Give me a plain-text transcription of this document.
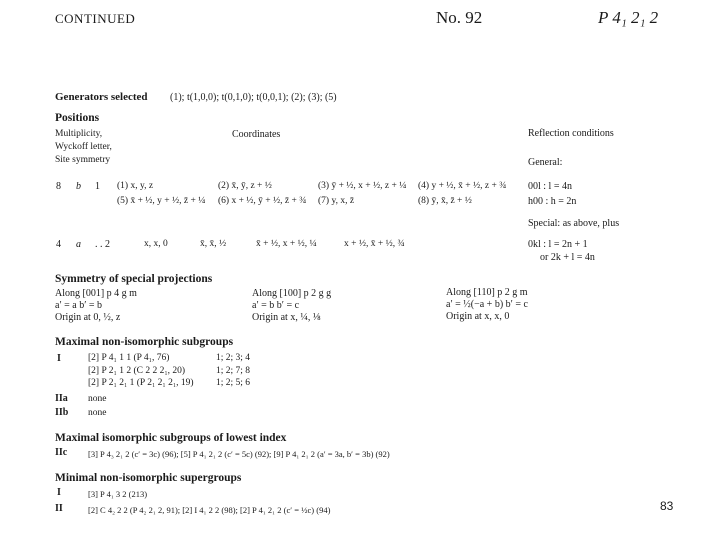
CONTINUED	No. 92	P 4₁ 2₁ 2
Generators selected (1); t(1,0,0); t(0,1,0); t(0,0,1); (2); (3); (5)
Positions
Multiplicity,
Wyckoff letter,
Site symmetry
Coordinates	Reflection conditions
General:
8 b 1 (1) x, y, z	(2) x̄, ȳ, z + ½	(3) ȳ + ½, x + ½, z + ¼ (4) y + ½, x̄ + ½, z + ¾
(5) x̄ + ½, y + ½, z̄ + ¼ (6) x + ½, ȳ + ½, z̄ + ¾ (7) y, x, z̄	(8) ȳ, x̄, z̄ + ½
00l : l = 4n
h00 : h = 2n
Special: as above, plus
4 a . . 2	x, x, 0	x̄, x̄, ½	x̄ + ½, x + ½, ¼	x + ½, x̄ + ½, ¾	0kl : l = 2n + 1
or 2k + l = 4n
Symmetry of special projections
Along [001] p 4 g m
a′ = a b′ = b
Origin at 0, ½, z
Along [100] p 2 g g
a′ = b b′ = c
Origin at x, ¼, ⅛
Along [110] p 2 g m
a′ = ½(−a + b) b′ = c
Origin at x, x, 0
Maximal non-isomorphic subgroups
I	[2] P 4₁ 1 1 (P 4₁, 76)	1; 2; 3; 4
[2] P 2₁ 1 2 (C 2 2 2₁, 20)	1; 2; 7; 8
[2] P 2₁ 2₁ 1 (P 2₁ 2₁ 2₁, 19) 1; 2; 5; 6
IIa none
IIb none
Maximal isomorphic subgroups of lowest index
IIc [3] P 4₃ 2₁ 2 (c′ = 3c) (96); [5] P 4₁ 2₁ 2 (c′ = 5c) (92); [9] P 4₁ 2₁ 2 (a′ = 3a, b′ = 3b) (92)
Minimal non-isomorphic supergroups
I	[3] P 4₁ 3 2 (213)
II	[2] C 4₂ 2 2 (P 4₂ 2₁ 2, 91); [2] I 4₁ 2 2 (98); [2] P 4₁ 2₁ 2 (c′ = ½c) (94)	83
